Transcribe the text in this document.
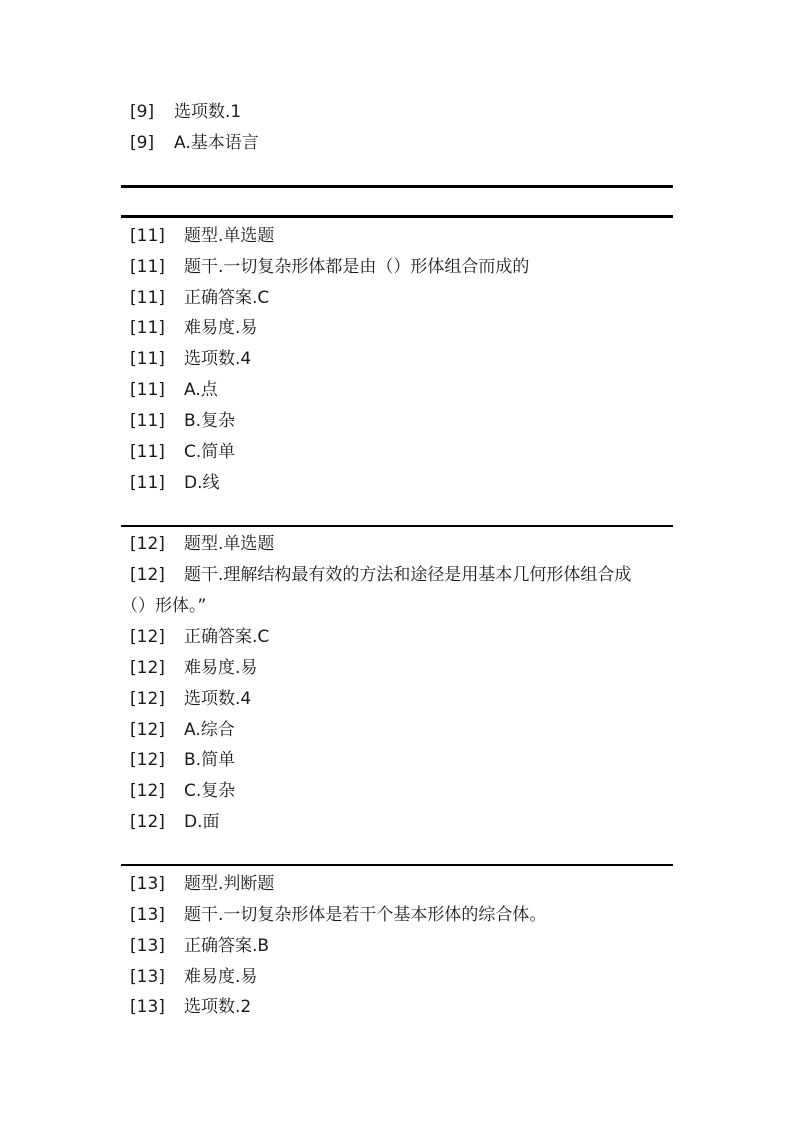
[9] 选项数.1
[9] A.基本语言
[11] 题型.单选题
[11] 题干.一切复杂形体都是由（）形体组合而成的
[11] 正确答案.C
[11] 难易度.易
[11] 选项数.4
[11] A.点
[11] B.复杂
[11] C.简单
[11] D.线
[12] 题型.单选题
[12] 题干.理解结构最有效的方法和途径是用基本几何形体组合成
（）形体。”
[12] 正确答案.C
[12] 难易度.易
[12] 选项数.4
[12] A.综合
[12] B.简单
[12] C.复杂
[12] D.面
[13] 题型.判断题
[13] 题干.一切复杂形体是若干个基本形体的综合体。
[13] 正确答案.B
[13] 难易度.易
[13] 选项数.2
